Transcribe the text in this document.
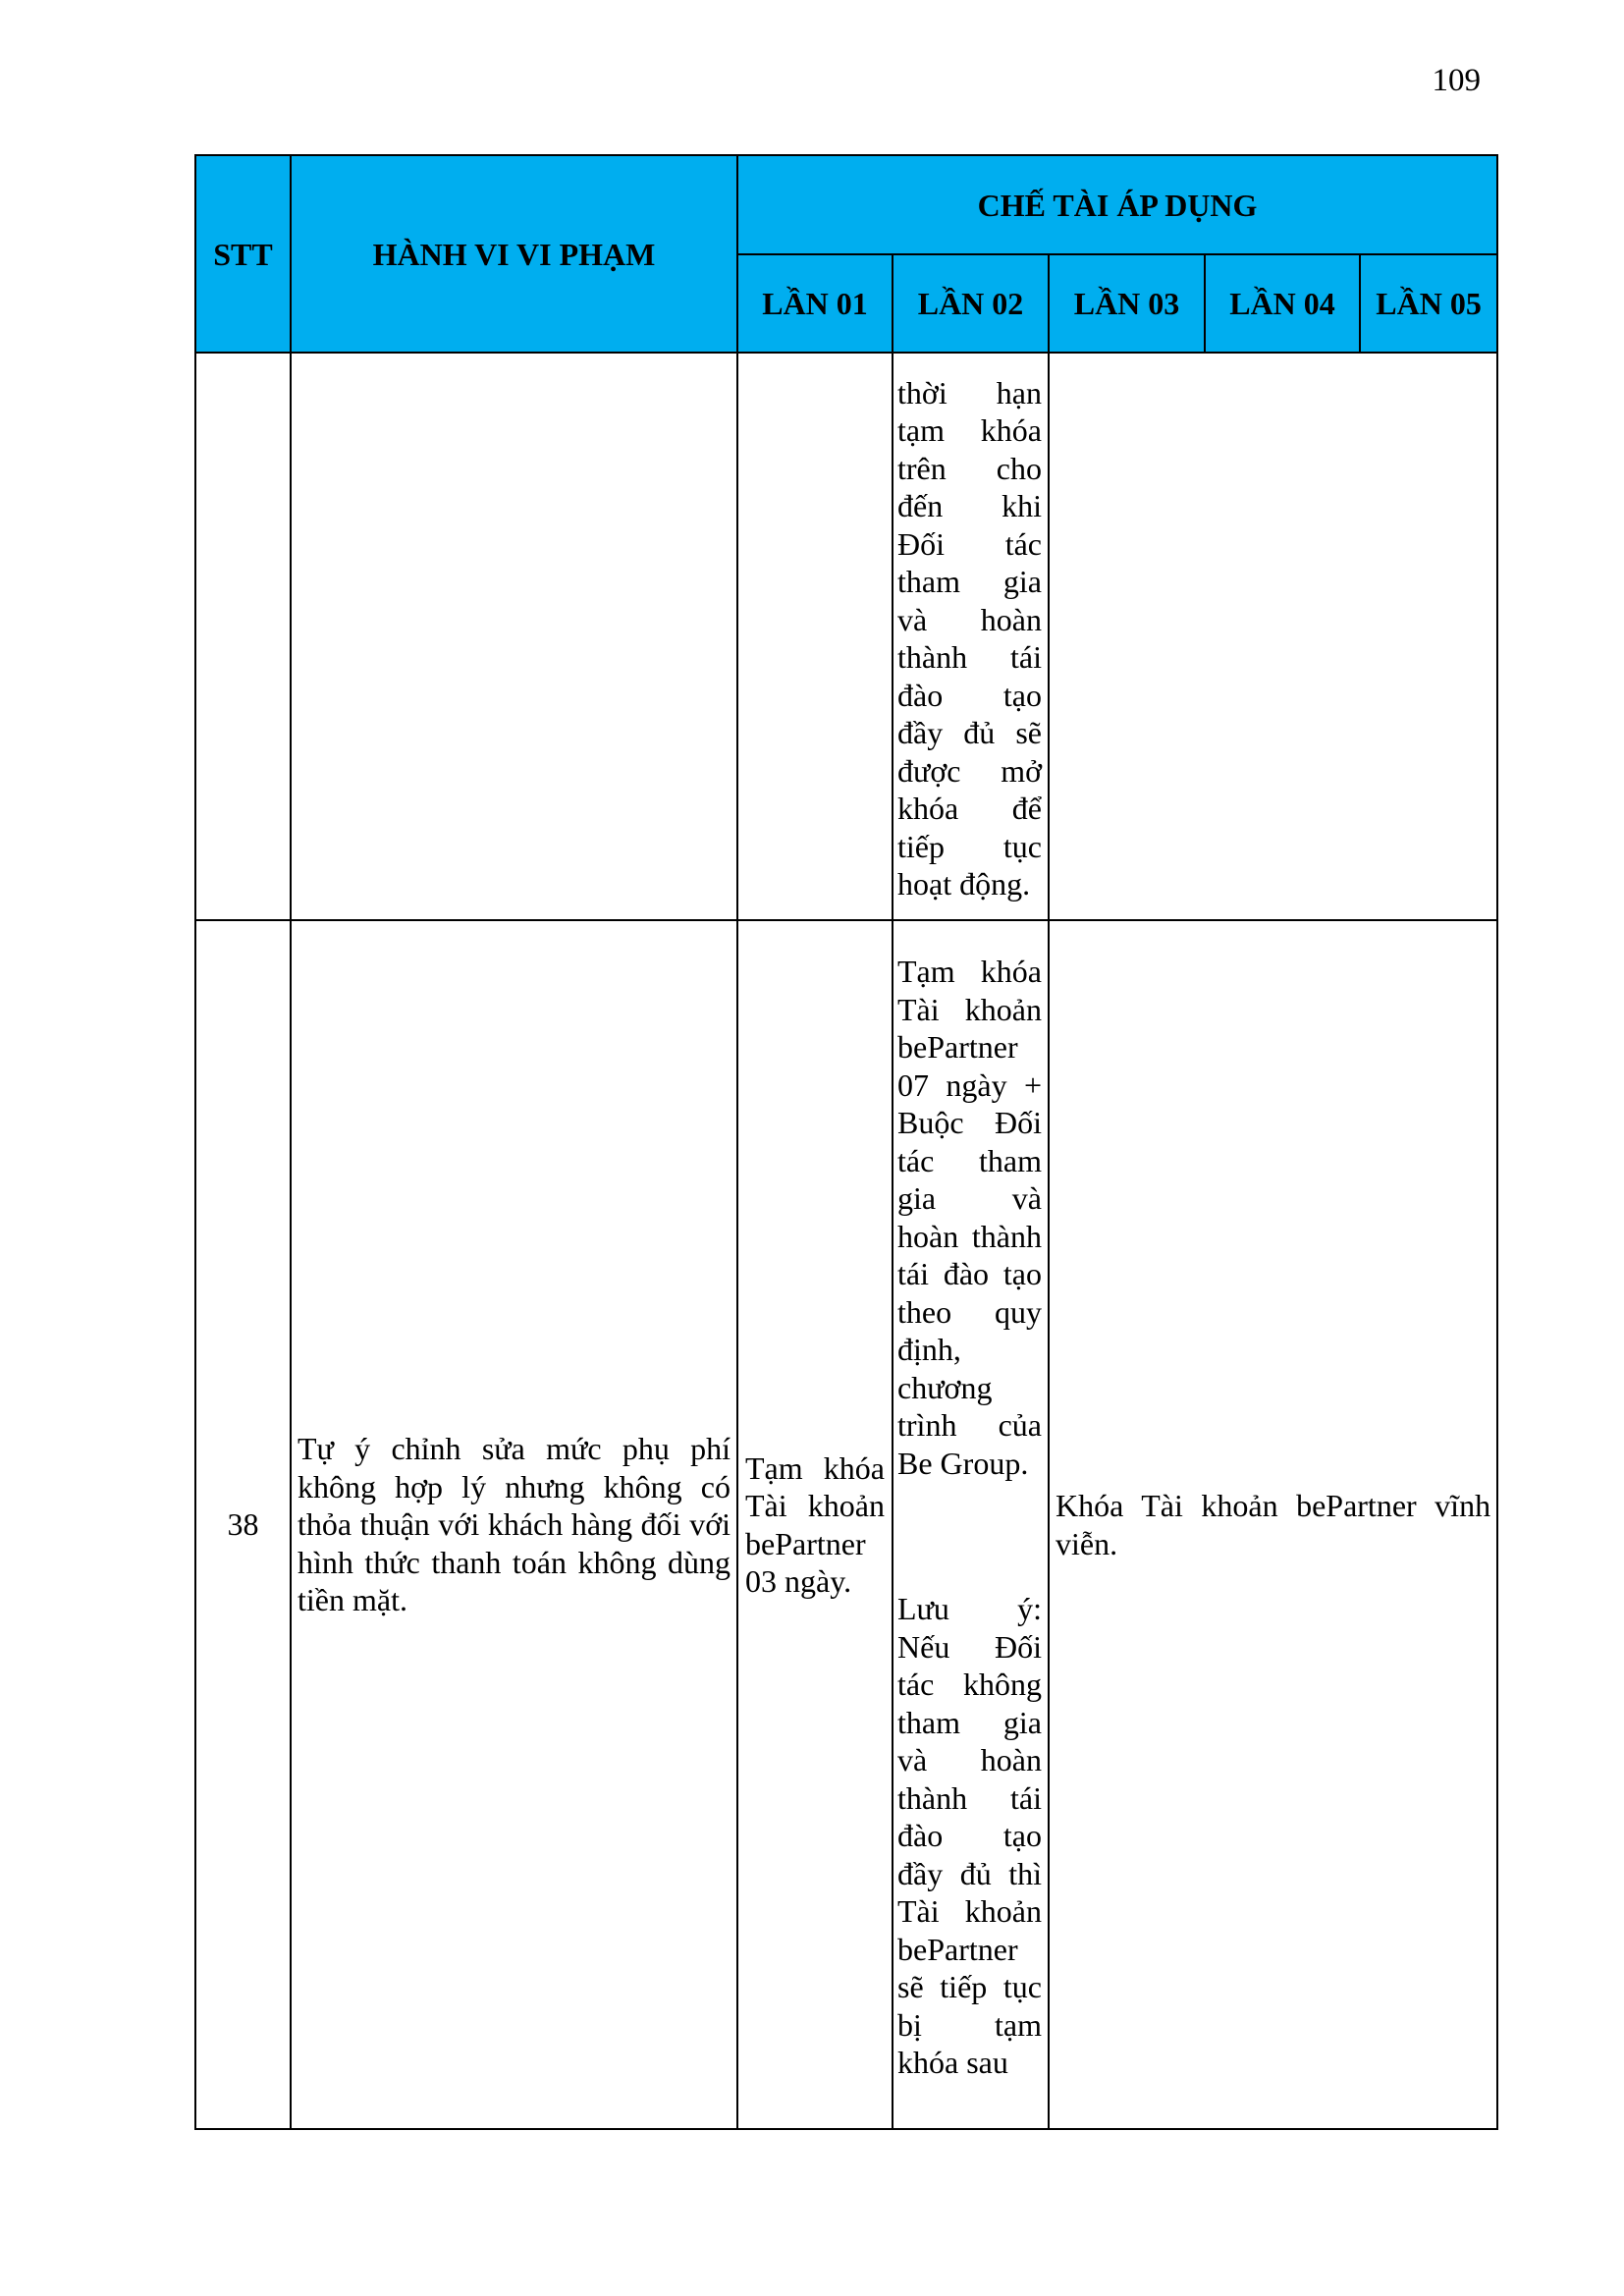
109
STT	HÀNH VI VI PHẠM	CHẾ TÀI ÁP DỤNG				
		LẦN 01	LẦN 02	LẦN 03	LẦN 04	LẦN 05

			thời hạn tạm khóa trên cho đến khi Đối tác tham gia và hoàn thành tái đào tạo đầy đủ sẽ được mở khóa để tiếp tục hoạt động.			

38	Tự ý chỉnh sửa mức phụ phí không hợp lý nhưng không có thỏa thuận với khách hàng đối với hình thức thanh toán không dùng tiền mặt.	Tạm khóa Tài khoản bePartner 03 ngày.	Tạm khóa Tài khoản bePartner 07 ngày + Buộc Đối tác tham gia và hoàn thành tái đào tạo theo quy định, chương trình của Be Group.
Lưu ý: Nếu Đối tác không tham gia và hoàn thành tái đào tạo đầy đủ thì Tài khoản bePartner sẽ tiếp tục bị tạm khóa sau	Khóa Tài khoản bePartner vĩnh viễn.		
